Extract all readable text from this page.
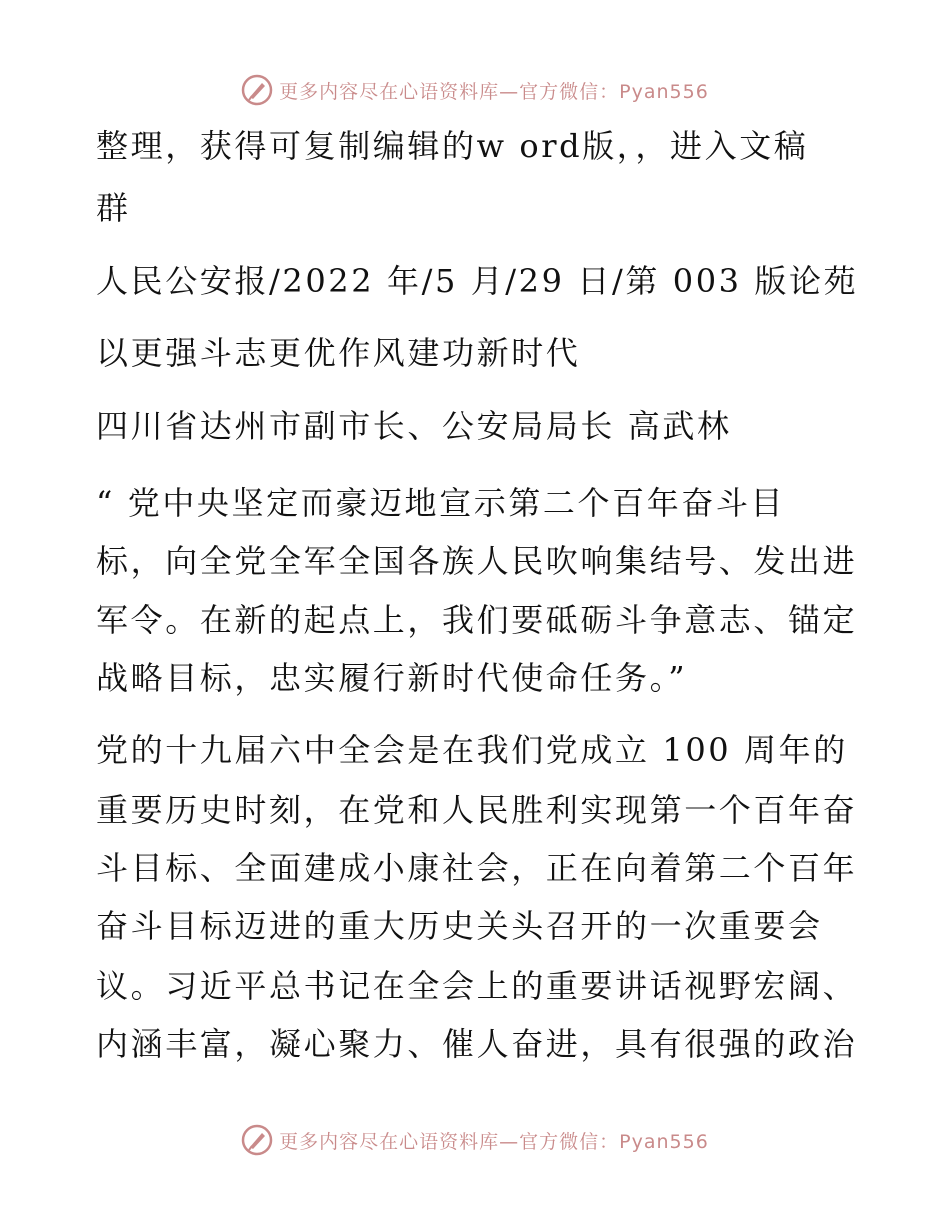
更多内容尽在心语资料库—官方微信：Pyan556
整理，获得可复制编辑的w ord版，，进入文稿
群
人民公安报/2022 年/5 月/29 日/第 003 版论苑
以更强斗志更优作风建功新时代
四川省达州市副市长、公安局局长 高武林
“ 党中央坚定而豪迈地宣示第二个百年奋斗目
标，向全党全军全国各族人民吹响集结号、发出进
军令。在新的起点上，我们要砥砺斗争意志、锚定
战略目标，忠实履行新时代使命任务。”
党的十九届六中全会是在我们党成立 100 周年的
重要历史时刻，在党和人民胜利实现第一个百年奋
斗目标、全面建成小康社会，正在向着第二个百年
奋斗目标迈进的重大历史关头召开的一次重要会
议。习近平总书记在全会上的重要讲话视野宏阔、
内涵丰富，凝心聚力、催人奋进，具有很强的政治
更多内容尽在心语资料库—官方微信：Pyan556
